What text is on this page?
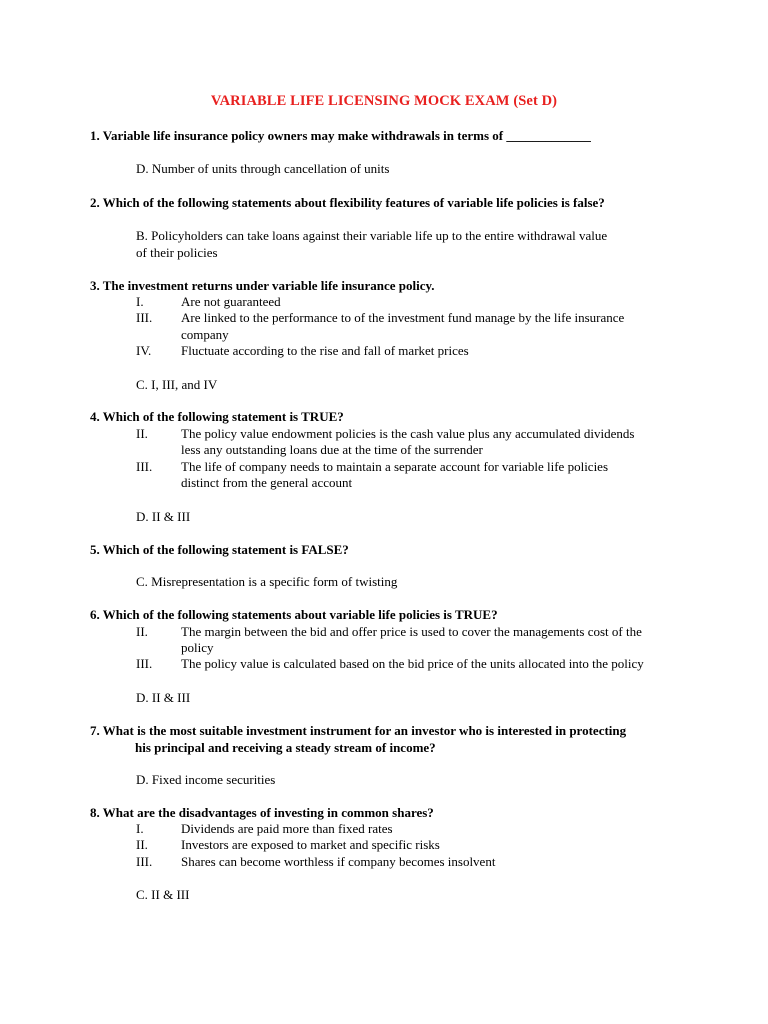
VARIABLE LIFE LICENSING MOCK EXAM (Set D)
1. Variable life insurance policy owners may make withdrawals in terms of _____________
D. Number of units through cancellation of units
2. Which of the following statements about flexibility features of variable life policies is false?
B. Policyholders can take loans against their variable life up to the entire withdrawal value
of their policies
3. The investment returns under variable life insurance policy.
I.	Are not guaranteed
III. Are linked to the performance to of the investment fund manage by the life insurance
company
IV. Fluctuate according to the rise and fall of market prices
C. I, III, and IV
4. Which of the following statement is TRUE?
II.	The policy value endowment policies is the cash value plus any accumulated dividends
less any outstanding loans due at the time of the surrender
III. The life of company needs to maintain a separate account for variable life policies
distinct from the general account
D. II & III
5. Which of the following statement is FALSE?
C. Misrepresentation is a specific form of twisting
6. Which of the following statements about variable life policies is TRUE?
II.	The margin between the bid and offer price is used to cover the managements cost of the
policy
III. The policy value is calculated based on the bid price of the units allocated into the policy
D. II & III
7. What is the most suitable investment instrument for an investor who is interested in protecting
his principal and receiving a steady stream of income?
D. Fixed income securities
8. What are the disadvantages of investing in common shares?
I.	Dividends are paid more than fixed rates
II.	Investors are exposed to market and specific risks
III. Shares can become worthless if company becomes insolvent
C. II & III
